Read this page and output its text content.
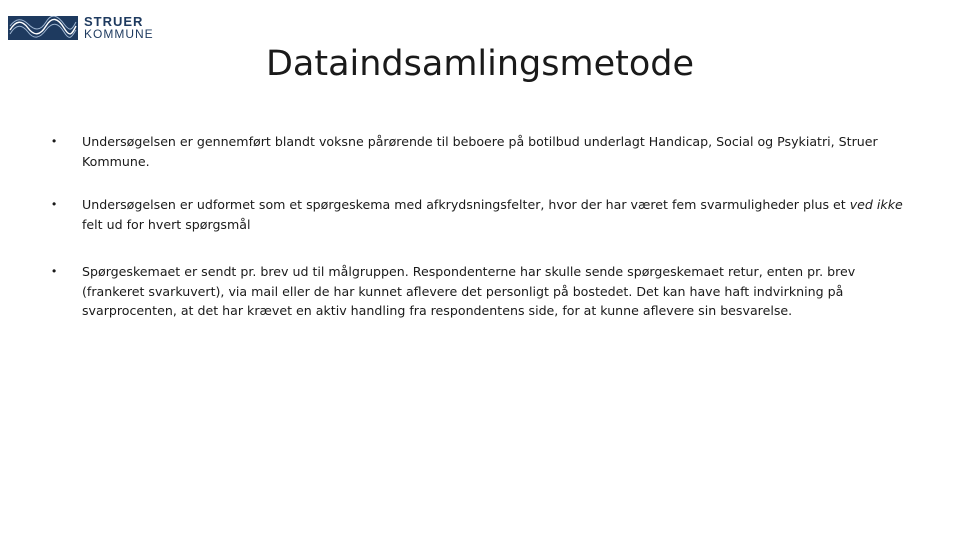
STRUER
KOMMUNE
Dataindsamlingsmetode
•	Undersøgelsen er gennemført blandt voksne pårørende til beboere på botilbud underlagt Handicap, Social og Psykiatri, Struer Kommune.
•	Undersøgelsen er udformet som et spørgeskema med afkrydsningsfelter, hvor der har været fem svarmuligheder plus et ved ikke felt ud for hvert spørgsmål
•	Spørgeskemaet er sendt pr. brev ud til målgruppen. Respondenterne har skulle sende spørgeskemaet retur, enten pr. brev (frankeret svarkuvert), via mail eller de har kunnet aflevere det personligt på bostedet. Det kan have haft indvirkning på svarprocenten, at det har krævet en aktiv handling fra respondentens side, for at kunne aflevere sin besvarelse.
